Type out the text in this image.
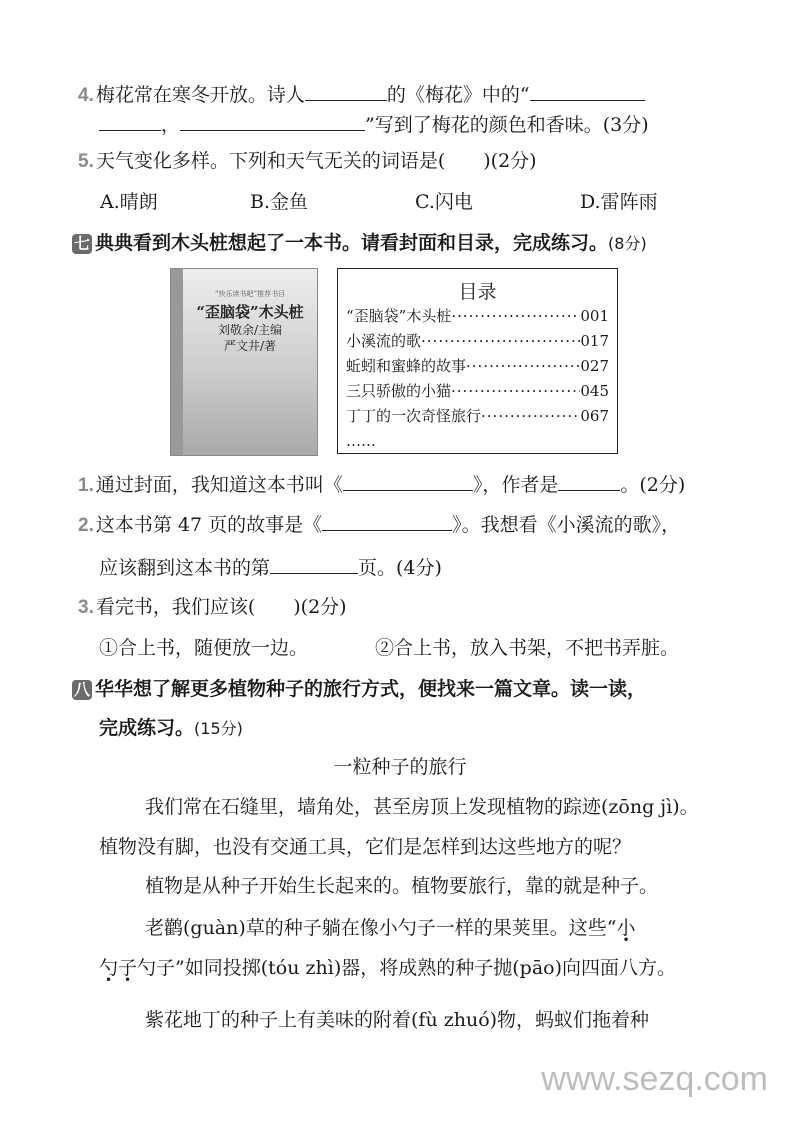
4. 梅花常在寒冬开放。诗人	的《梅花》中的“
，	”写到了梅花的颜色和香味。(3分)
5. 天气变化多样。下列和天气无关的词语是(　　)(2分)
A.晴朗	B.金鱼	C.闪电	D.雷阵雨
七 典典看到木头桩想起了一本书。请看封面和目录，完成练习。(8分)
“快乐读书吧”推荐书目
“歪脑袋”木头桩
刘敬余/主编
严文井/著
目录
“歪脑袋”木头桩 ·····	001
小溪流的歌 ·····	017
蚯蚓和蜜蜂的故事 ·····	027
三只骄傲的小猫 ·····	045
丁丁的一次奇怪旅行 ·····	067
……
1. 通过封面，我知道这本书叫《	》，作者是	。(2分)
2. 这本书第 47 页的故事是《	》。我想看《小溪流的歌》，
应该翻到这本书的第	页。(4分)
3. 看完书，我们应该(　　)(2分)
①合上书，随便放一边。	②合上书，放入书架，不把书弄脏。
八 华华想了解更多植物种子的旅行方式，便找来一篇文章。读一读，
完成练习。(15分)
一粒种子的旅行
我们常在石缝里，墙角处，甚至房顶上发现植物的踪迹(zōng jì)。
植物没有脚，也没有交通工具，它们是怎样到达这些地方的呢？
植物是从种子开始生长起来的。植物要旅行，靠的就是种子。
老鹳(guàn)草的种子躺在像小勺子一样的果荚里。这些“小
勺子勺子”如同投掷(tóu zhì)器，将成熟的种子抛(pāo)向四面八方。
紫花地丁的种子上有美味的附着(fù zhuó)物，蚂蚁们拖着种
www.sezq.com
